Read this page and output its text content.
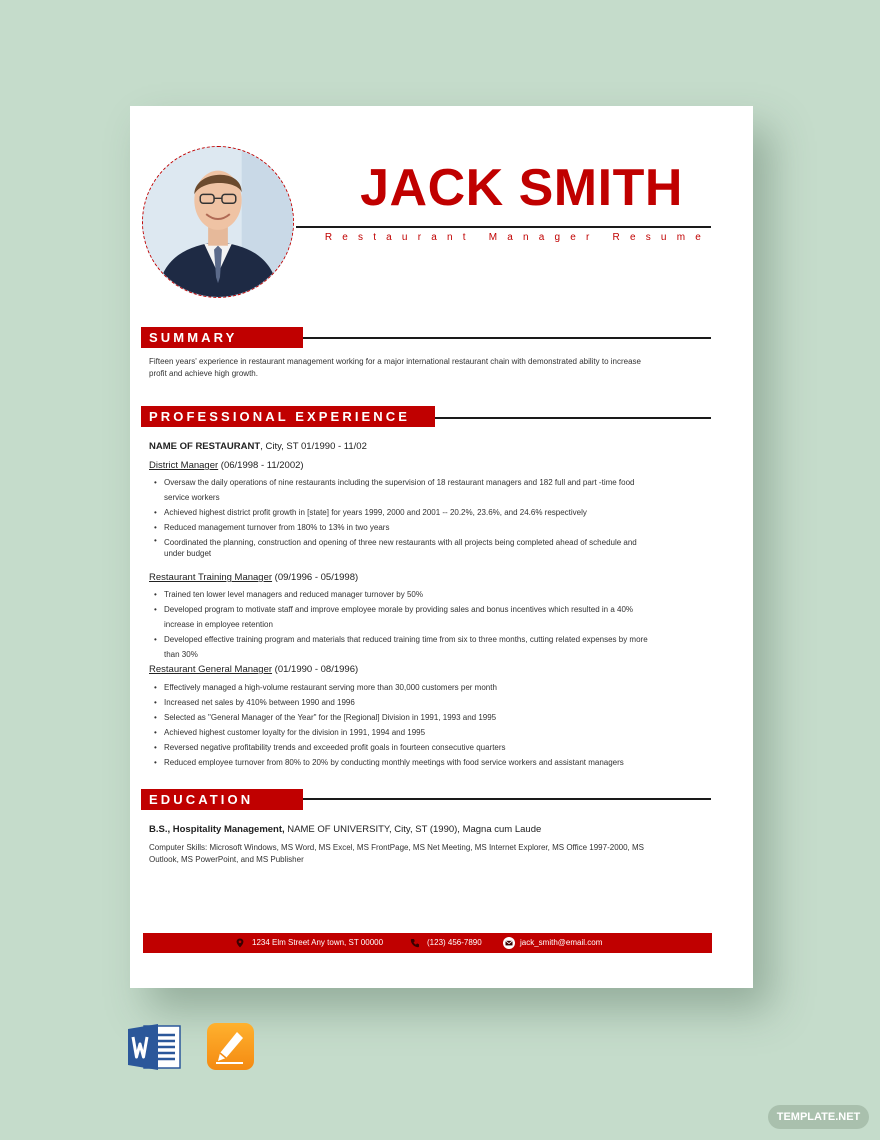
JACK SMITH
Restaurant Manager Resume
SUMMARY
Fifteen years' experience in restaurant management working for a major international restaurant chain with demonstrated ability to increase profit and achieve high growth.
PROFESSIONAL EXPERIENCE
NAME OF RESTAURANT, City, ST 01/1990 - 11/02
District Manager (06/1998 - 11/2002)
• Oversaw the daily operations of nine restaurants including the supervision of 18 restaurant managers and 182 full and part -time food service workers
• Achieved highest district profit growth in [state] for years 1999, 2000 and 2001 -- 20.2%, 23.6%, and 24.6% respectively
• Reduced management turnover from 180% to 13% in two years
• Coordinated the planning, construction and opening of three new restaurants with all projects being completed ahead of schedule and under budget
Restaurant Training Manager (09/1996 - 05/1998)
• Trained ten lower level managers and reduced manager turnover by 50%
• Developed program to motivate staff and improve employee morale by providing sales and bonus incentives which resulted in a 40% increase in employee retention
• Developed effective training program and materials that reduced training time from six to three months, cutting related expenses by more than 30%
Restaurant General Manager (01/1990 - 08/1996)
• Effectively managed a high-volume restaurant serving more than 30,000 customers per month
• Increased net sales by 410% between 1990 and 1996
• Selected as "General Manager of the Year" for the [Regional] Division in 1991, 1993 and 1995
• Achieved highest customer loyalty for the division in 1991, 1994 and 1995
• Reversed negative profitability trends and exceeded profit goals in fourteen consecutive quarters
• Reduced employee turnover from 80% to 20% by conducting monthly meetings with food service workers and assistant managers
EDUCATION
B.S., Hospitality Management, NAME OF UNIVERSITY, City, ST (1990), Magna cum Laude
Computer Skills: Microsoft Windows, MS Word, MS Excel, MS FrontPage, MS Net Meeting, MS Internet Explorer, MS Office 1997-2000, MS Outlook, MS PowerPoint, and MS Publisher
1234 Elm Street Any town, ST 00000	(123) 456-7890	jack_smith@email.com
TEMPLATE.NET
